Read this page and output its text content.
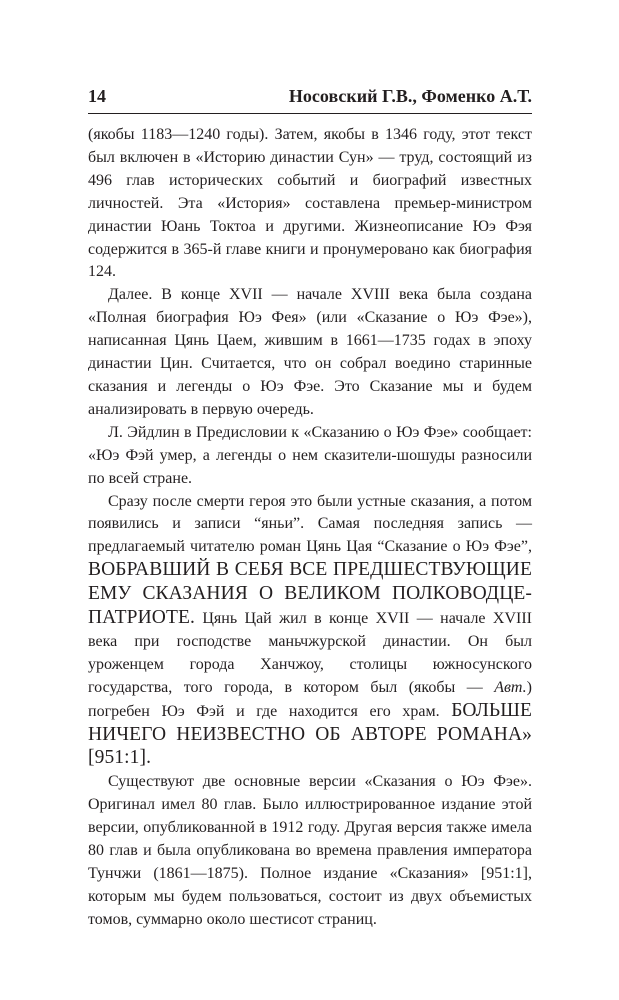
14	Носовский Г.В., Фоменко А.Т.

(якобы 1183—1240 годы). Затем, якобы в 1346 году, этот текст был включен в «Историю династии Сун» — труд, состоящий из 496 глав исторических событий и биографий известных личностей. Эта «История» составлена премьер-министром династии Юань Токтоа и другими. Жизнеописание Юэ Фэя содержится в 365-й главе книги и пронумеровано как биография 124.

Далее. В конце XVII — начале XVIII века была создана «Полная биография Юэ Фея» (или «Сказание о Юэ Фэе»), написанная Цянь Цаем, жившим в 1661—1735 годах в эпоху династии Цин. Считается, что он собрал воедино старинные сказания и легенды о Юэ Фэе. Это Сказание мы и будем анализировать в первую очередь.

Л. Эйдлин в Предисловии к «Сказанию о Юэ Фэе» сообщает: «Юэ Фэй умер, а легенды о нем сказители-шошуды разносили по всей стране.

Сразу после смерти героя это были устные сказания, а потом появились и записи “яньи”. Самая последняя запись — предлагаемый читателю роман Цянь Цая “Сказание о Юэ Фэе”, ВОБРАВШИЙ В СЕБЯ ВСЕ ПРЕДШЕСТВУЮЩИЕ ЕМУ СКАЗАНИЯ О ВЕЛИКОМ ПОЛКОВОДЦЕ-ПАТРИОТЕ. Цянь Цай жил в конце XVII — начале XVIII века при господстве маньчжурской династии. Он был уроженцем города Ханчжоу, столицы южносунского государства, того города, в котором был (якобы — Авт.) погребен Юэ Фэй и где находится его храм. БОЛЬШЕ НИЧЕГО НЕИЗВЕСТНО ОБ АВТОРЕ РОМАНА» [951:1].

Существуют две основные версии «Сказания о Юэ Фэе». Оригинал имел 80 глав. Было иллюстрированное издание этой версии, опубликованной в 1912 году. Другая версия также имела 80 глав и была опубликована во времена правления императора Тунчжи (1861—1875). Полное издание «Сказания» [951:1], которым мы будем пользоваться, состоит из двух объемистых томов, суммарно около шестисот страниц.
